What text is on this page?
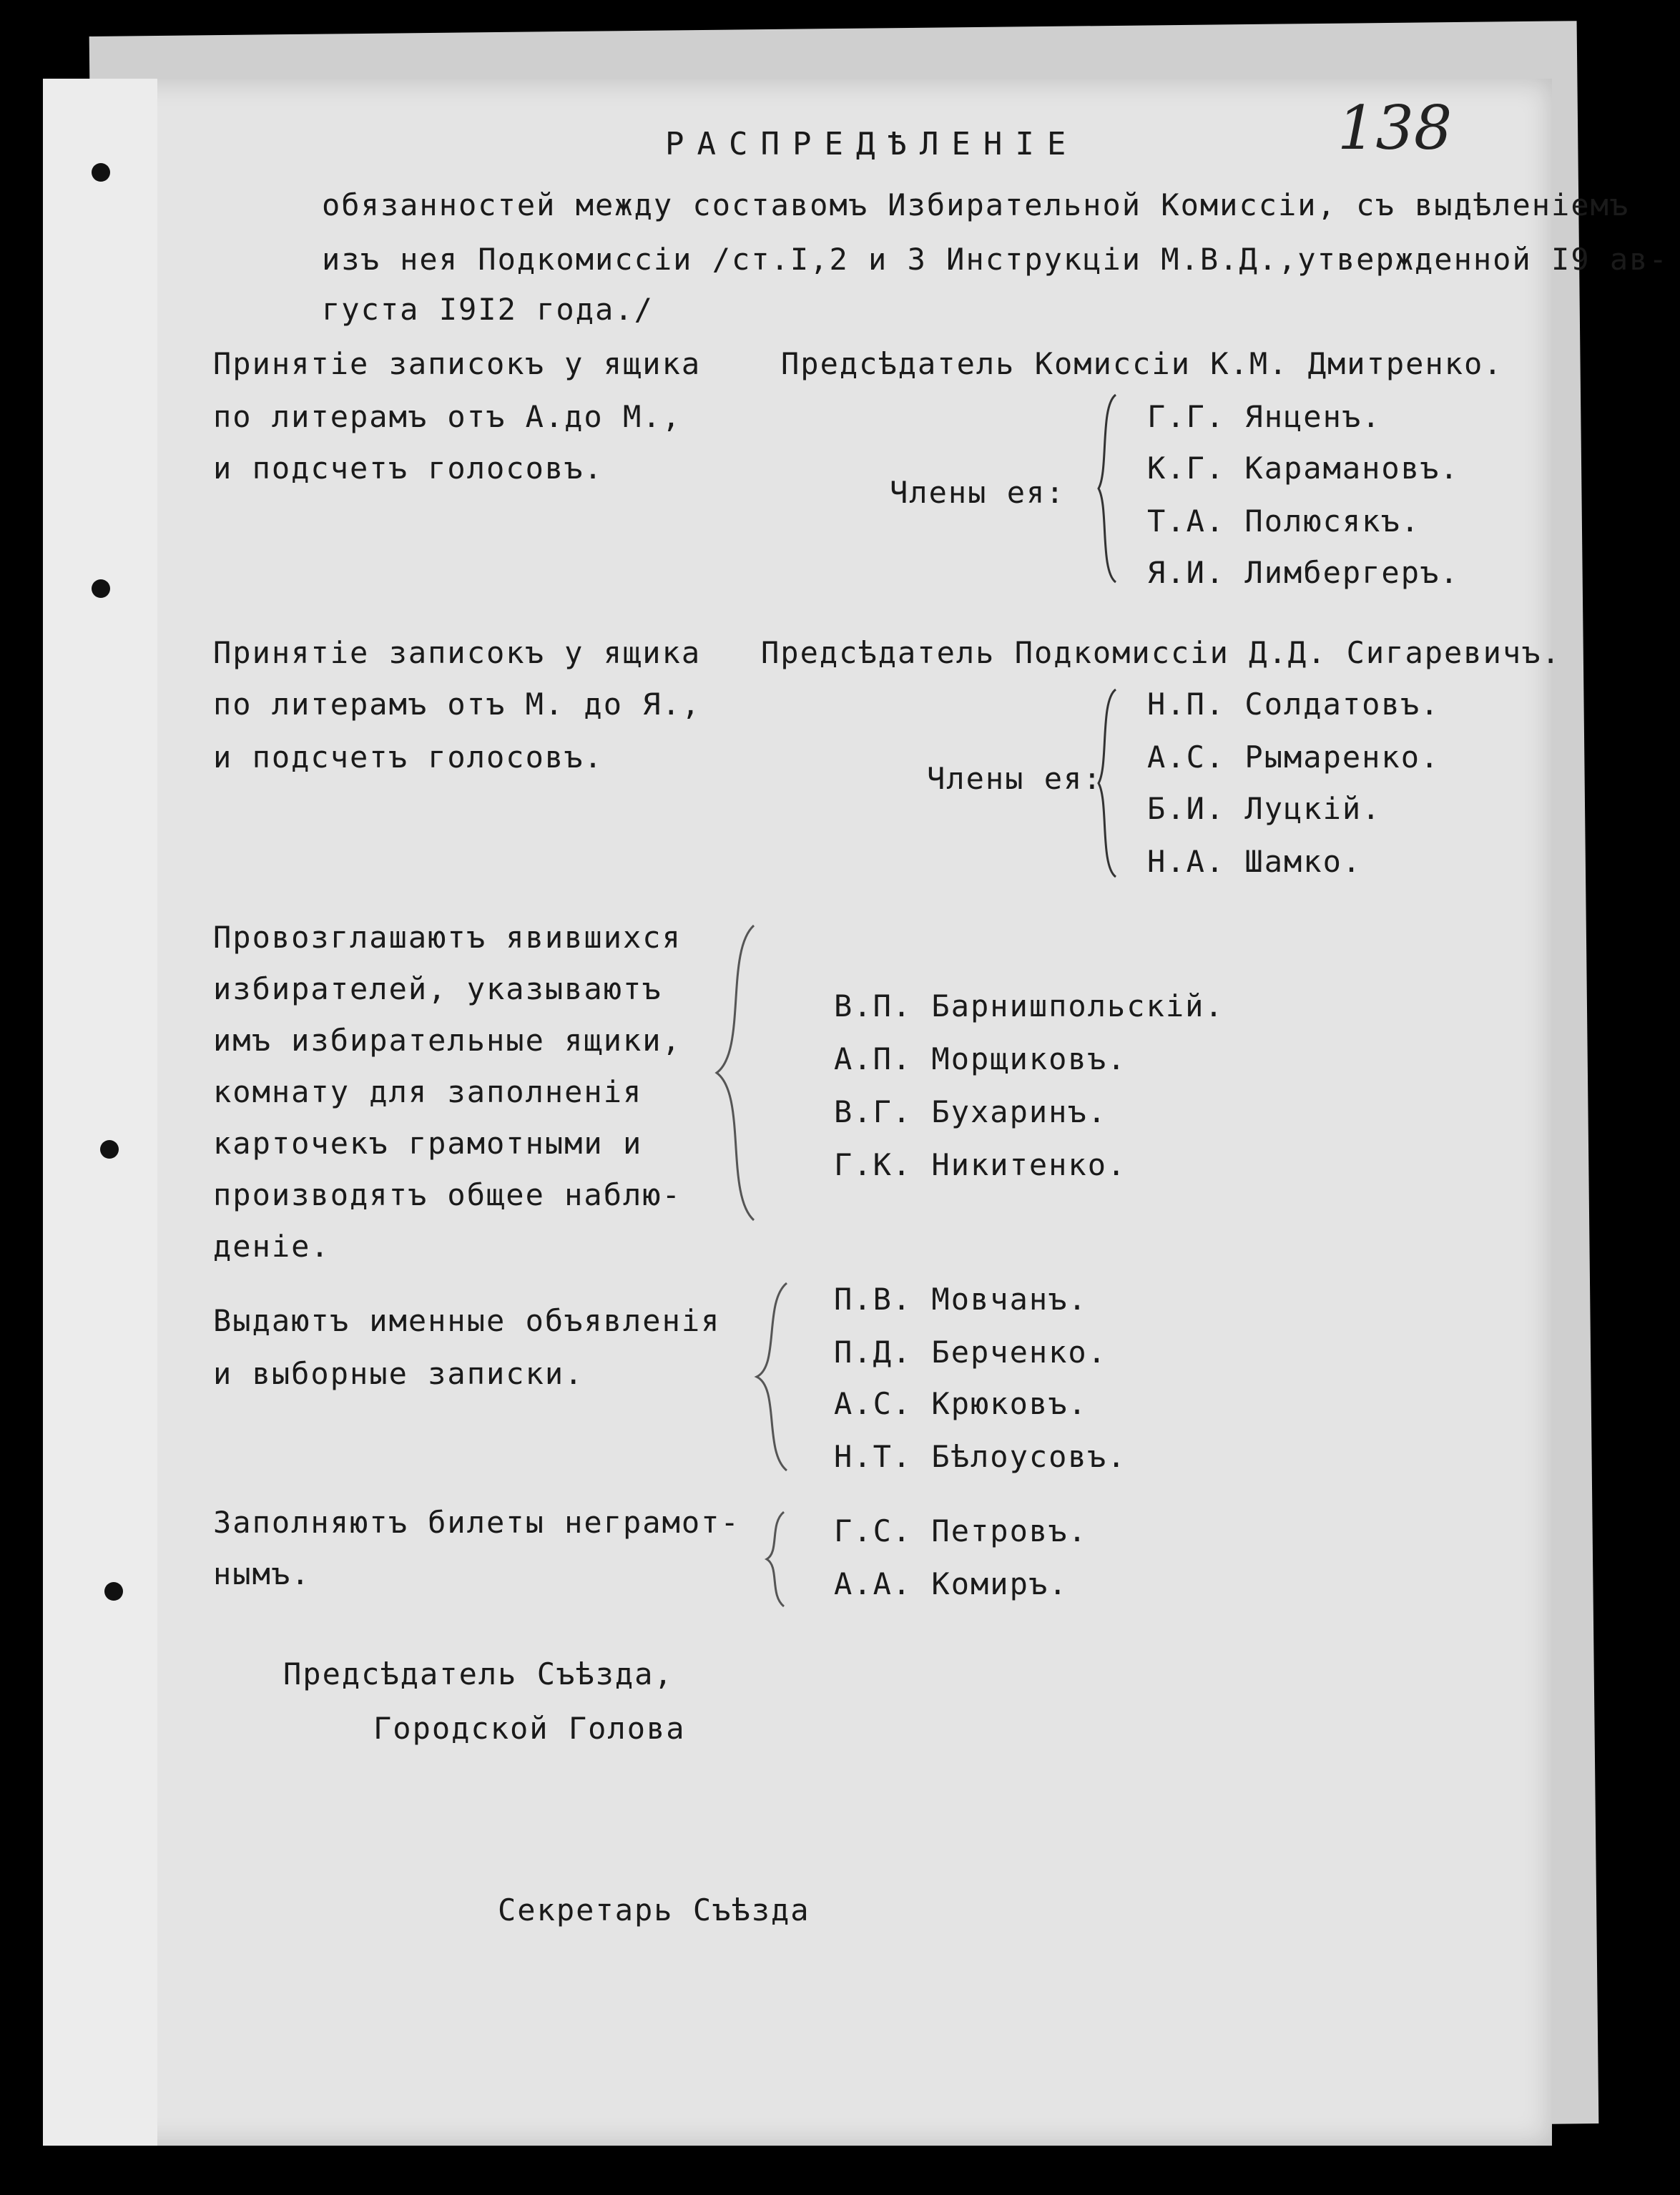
138
РАСПРЕДѢЛЕНІЕ
обязанностей между составомъ Избирательной Комиссіи, съ выдѣленіемъ
изъ нея Подкомиссіи /ст.I,2 и 3 Инструкціи М.В.Д.,утвержденной I9 ав-
густа I9I2 года./
Принятіе записокъ у ящика
по литерамъ отъ А.до М.,
и подсчетъ голосовъ.
Предсѣдатель Комиссіи К.М. Дмитренко.
Члены ея:
Г.Г. Янценъ.
К.Г. Карамановъ.
Т.А. Полюсякъ.
Я.И. Лимбергеръ.
Принятіе записокъ у ящика
по литерамъ отъ М. до Я.,
и подсчетъ голосовъ.
Предсѣдатель Подкомиссіи Д.Д. Сигаревичъ.
Члены ея:
Н.П. Солдатовъ.
А.С. Рымаренко.
Б.И. Луцкій.
Н.А. Шамко.
Провозглашаютъ явившихся
избирателей, указываютъ
имъ избирательные ящики,
комнату для заполненія
карточекъ грамотными и
производятъ общее наблю-
деніе.
В.П. Барнишпольскій.
А.П. Морщиковъ.
В.Г. Бухаринъ.
Г.К. Никитенко.
Выдаютъ именные объявленія
и выборные записки.
П.В. Мовчанъ.
П.Д. Берченко.
А.С. Крюковъ.
Н.Т. Бѣлоусовъ.
Заполняютъ билеты неграмот-
нымъ.
Г.С. Петровъ.
А.А. Комиръ.
Предсѣдатель Съѣзда,
Городской Голова
Секретарь Съѣзда
